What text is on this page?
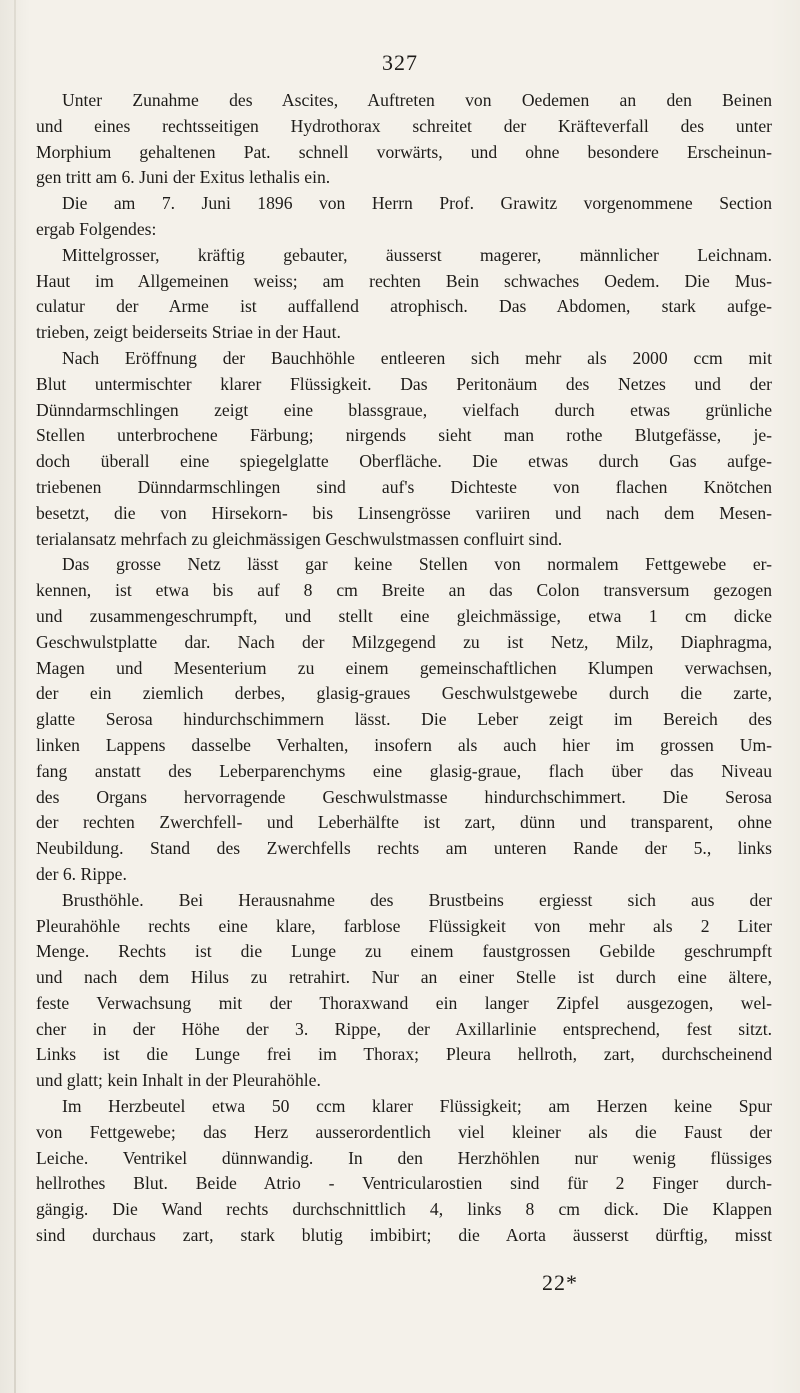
327
Unter Zunahme des Ascites, Auftreten von Oedemen an den Beinen
und eines rechtsseitigen Hydrothorax schreitet der Kräfteverfall des unter
Morphium gehaltenen Pat. schnell vorwärts, und ohne besondere Erscheinun-
gen tritt am 6. Juni der Exitus lethalis ein.
Die am 7. Juni 1896 von Herrn Prof. Grawitz vorgenommene Section
ergab Folgendes:
Mittelgrosser, kräftig gebauter, äusserst magerer, männlicher Leichnam.
Haut im Allgemeinen weiss; am rechten Bein schwaches Oedem. Die Mus-
culatur der Arme ist auffallend atrophisch. Das Abdomen, stark aufge-
trieben, zeigt beiderseits Striae in der Haut.
Nach Eröffnung der Bauchhöhle entleeren sich mehr als 2000 ccm mit
Blut untermischter klarer Flüssigkeit. Das Peritonäum des Netzes und der
Dünndarmschlingen zeigt eine blassgraue, vielfach durch etwas grünliche
Stellen unterbrochene Färbung; nirgends sieht man rothe Blutgefässe, je-
doch überall eine spiegelglatte Oberfläche. Die etwas durch Gas aufge-
triebenen Dünndarmschlingen sind auf's Dichteste von flachen Knötchen
besetzt, die von Hirsekorn- bis Linsengrösse variiren und nach dem Mesen-
terialansatz mehrfach zu gleichmässigen Geschwulstmassen confluirt sind.
Das grosse Netz lässt gar keine Stellen von normalem Fettgewebe er-
kennen, ist etwa bis auf 8 cm Breite an das Colon transversum gezogen
und zusammengeschrumpft, und stellt eine gleichmässige, etwa 1 cm dicke
Geschwulstplatte dar. Nach der Milzgegend zu ist Netz, Milz, Diaphragma,
Magen und Mesenterium zu einem gemeinschaftlichen Klumpen verwachsen,
der ein ziemlich derbes, glasig-graues Geschwulstgewebe durch die zarte,
glatte Serosa hindurchschimmern lässt. Die Leber zeigt im Bereich des
linken Lappens dasselbe Verhalten, insofern als auch hier im grossen Um-
fang anstatt des Leberparenchyms eine glasig-graue, flach über das Niveau
des Organs hervorragende Geschwulstmasse hindurchschimmert. Die Serosa
der rechten Zwerchfell- und Leberhälfte ist zart, dünn und transparent, ohne
Neubildung. Stand des Zwerchfells rechts am unteren Rande der 5., links
der 6. Rippe.
Brusthöhle. Bei Herausnahme des Brustbeins ergiesst sich aus der
Pleurahöhle rechts eine klare, farblose Flüssigkeit von mehr als 2 Liter
Menge. Rechts ist die Lunge zu einem faustgrossen Gebilde geschrumpft
und nach dem Hilus zu retrahirt. Nur an einer Stelle ist durch eine ältere,
feste Verwachsung mit der Thoraxwand ein langer Zipfel ausgezogen, wel-
cher in der Höhe der 3. Rippe, der Axillarlinie entsprechend, fest sitzt.
Links ist die Lunge frei im Thorax; Pleura hellroth, zart, durchscheinend
und glatt; kein Inhalt in der Pleurahöhle.
Im Herzbeutel etwa 50 ccm klarer Flüssigkeit; am Herzen keine Spur
von Fettgewebe; das Herz ausserordentlich viel kleiner als die Faust der
Leiche. Ventrikel dünnwandig. In den Herzhöhlen nur wenig flüssiges
hellrothes Blut. Beide Atrio - Ventricularostien sind für 2 Finger durch-
gängig. Die Wand rechts durchschnittlich 4, links 8 cm dick. Die Klappen
sind durchaus zart, stark blutig imbibirt; die Aorta äusserst dürftig, misst
22*
